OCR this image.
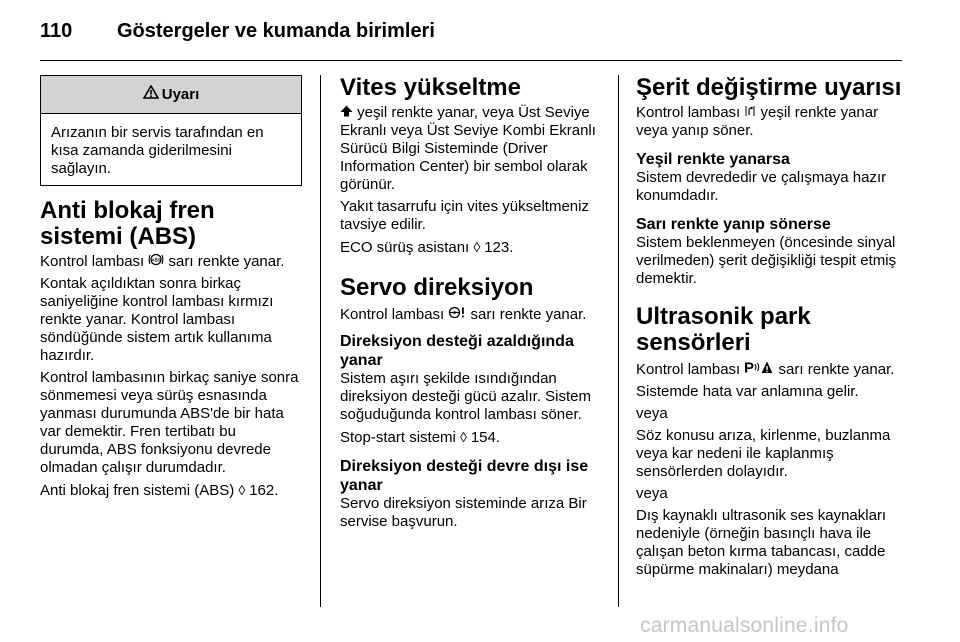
110	Göstergeler ve kumanda birimleri
Uyarı
Arızanın bir servis tarafından en kısa zamanda giderilmesini sağlayın.
Anti blokaj fren sistemi (ABS)

Kontrol lambası ABS sarı renkte yanar.

Kontak açıldıktan sonra birkaç saniyeliğine kontrol lambası kırmızı renkte yanar. Kontrol lambası söndüğünde sistem artık kullanıma hazırdır.

Kontrol lambasının birkaç saniye sonra sönmemesi veya sürüş esnasında yanması durumunda ABS'de bir hata var demektir. Fren tertibatı bu durumda, ABS fonksiyonu devrede olmadan çalışır durumdadır.

Anti blokaj fren sistemi (ABS) ◊ 162.

Vites yükseltme

yeşil renkte yanar, veya Üst Seviye Ekranlı veya Üst Seviye Kombi Ekranlı Sürücü Bilgi Sisteminde (Driver Information Center) bir sembol olarak görünür.

Yakıt tasarrufu için vites yükseltmeniz tavsiye edilir.

ECO sürüş asistanı ◊ 123.

Servo direksiyon

Kontrol lambası  sarı renkte yanar.

Direksiyon desteği azaldığında yanar

Sistem aşırı şekilde ısındığından direksiyon desteği gücü azalır. Sistem soğuduğunda kontrol lambası söner.

Stop-start sistemi ◊ 154.

Direksiyon desteği devre dışı ise yanar

Servo direksiyon sisteminde arıza Bir servise başvurun.

Şerit değiştirme uyarısı

Kontrol lambası  yeşil renkte yanar veya yanıp söner.

Yeşil renkte yanarsa

Sistem devrededir ve çalışmaya hazır konumdadır.

Sarı renkte yanıp sönerse

Sistem beklenmeyen (öncesinde sinyal verilmeden) şerit değişikliği tespit etmiş demektir.

Ultrasonik park sensörleri

Kontrol lambası P sarı renkte yanar.

Sistemde hata var anlamına gelir.

veya

Söz konusu arıza, kirlenme, buzlanma veya kar nedeni ile kaplanmış sensörlerden dolayıdır.

veya

Dış kaynaklı ultrasonik ses kaynakları nedeniyle (örneğin basınçlı hava ile çalışan beton kırma tabancası, cadde süpürme makinaları) meydana

carmanualsonline.info
